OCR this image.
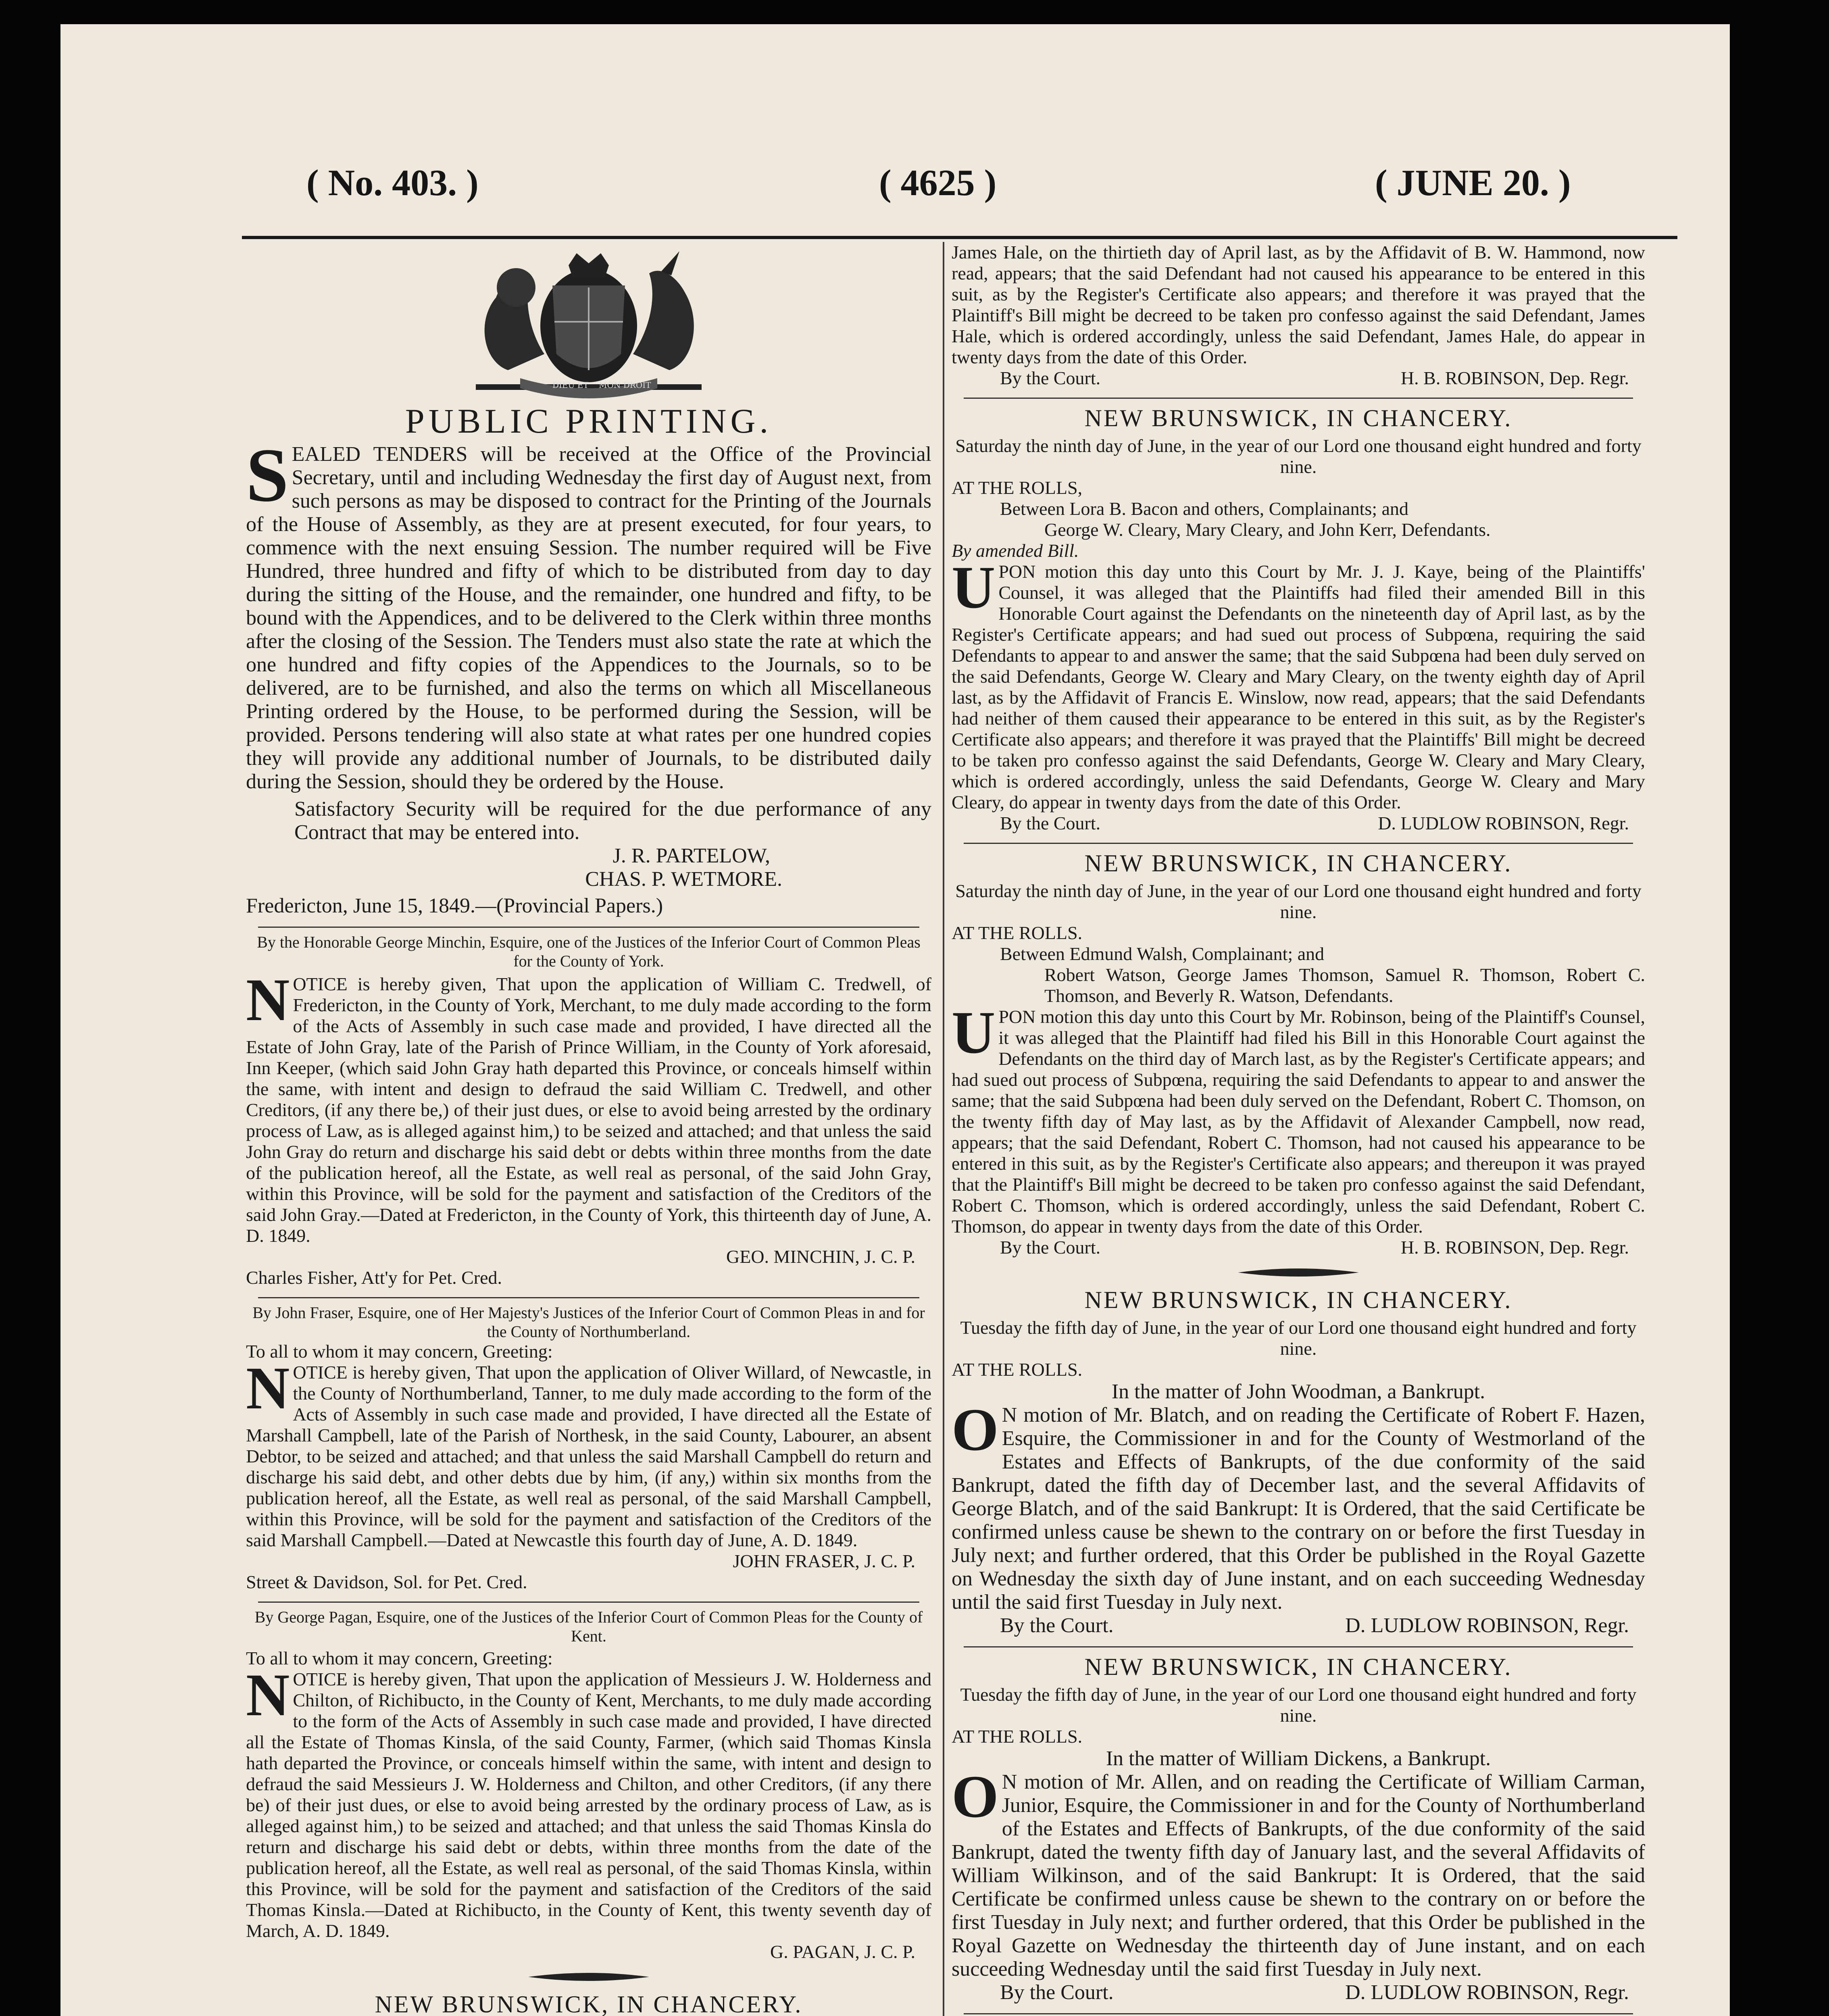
( No. 403. )	( 4625 )	( JUNE 20. )
DIEU ET MON DROIT
PUBLIC PRINTING.

SEALED TENDERS will be received at the Office of the Provincial Secretary, until and including Wednesday the first day of August next, from such persons as may be disposed to contract for the Printing of the Journals of the House of Assembly, as they are at present executed, for four years, to commence with the next ensuing Session. The number required will be Five Hundred, three hundred and fifty of which to be distributed from day to day during the sitting of the House, and the remainder, one hundred and fifty, to be bound with the Appendices, and to be delivered to the Clerk within three months after the closing of the Session. The Tenders must also state the rate at which the one hundred and fifty copies of the Appendices to the Journals, so to be delivered, are to be furnished, and also the terms on which all Miscellaneous Printing ordered by the House, to be performed during the Session, will be provided. Persons tendering will also state at what rates per one hundred copies they will provide any additional number of Journals, to be distributed daily during the Session, should they be ordered by the House.

Satisfactory Security will be required for the due performance of any Contract that may be entered into.

J. R. PARTELOW,

CHAS. P. WETMORE.

Fredericton, June 15, 1849.—(Provincial Papers.)

By the Honorable George Minchin, Esquire, one of the Justices of the Inferior Court of Common Pleas for the County of York.

NOTICE is hereby given, That upon the application of William C. Tredwell, of Fredericton, in the County of York, Merchant, to me duly made according to the form of the Acts of Assembly in such case made and provided, I have directed all the Estate of John Gray, late of the Parish of Prince William, in the County of York aforesaid, Inn Keeper, (which said John Gray hath departed this Province, or conceals himself within the same, with intent and design to defraud the said William C. Tredwell, and other Creditors, (if any there be,) of their just dues, or else to avoid being arrested by the ordinary process of Law, as is alleged against him,) to be seized and attached; and that unless the said John Gray do return and discharge his said debt or debts within three months from the date of the publication hereof, all the Estate, as well real as personal, of the said John Gray, within this Province, will be sold for the payment and satisfaction of the Creditors of the said John Gray.—Dated at Fredericton, in the County of York, this thirteenth day of June, A. D. 1849.

GEO. MINCHIN, J. C. P.

Charles Fisher, Att'y for Pet. Cred.

By John Fraser, Esquire, one of Her Majesty's Justices of the Inferior Court of Common Pleas in and for the County of Northumberland.

To all to whom it may concern, Greeting:

NOTICE is hereby given, That upon the application of Oliver Willard, of Newcastle, in the County of Northumberland, Tanner, to me duly made according to the form of the Acts of Assembly in such case made and provided, I have directed all the Estate of Marshall Campbell, late of the Parish of Northesk, in the said County, Labourer, an absent Debtor, to be seized and attached; and that unless the said Marshall Campbell do return and discharge his said debt, and other debts due by him, (if any,) within six months from the publication hereof, all the Estate, as well real as personal, of the said Marshall Campbell, within this Province, will be sold for the payment and satisfaction of the Creditors of the said Marshall Campbell.—Dated at Newcastle this fourth day of June, A. D. 1849.

JOHN FRASER, J. C. P.

Street & Davidson, Sol. for Pet. Cred.

By George Pagan, Esquire, one of the Justices of the Inferior Court of Common Pleas for the County of Kent.

To all to whom it may concern, Greeting:

NOTICE is hereby given, That upon the application of Messieurs J. W. Holderness and Chilton, of Richibucto, in the County of Kent, Merchants, to me duly made according to the form of the Acts of Assembly in such case made and provided, I have directed all the Estate of Thomas Kinsla, of the said County, Farmer, (which said Thomas Kinsla hath departed the Province, or conceals himself within the same, with intent and design to defraud the said Messieurs J. W. Holderness and Chilton, and other Creditors, (if any there be) of their just dues, or else to avoid being arrested by the ordinary process of Law, as is alleged against him,) to be seized and attached; and that unless the said Thomas Kinsla do return and discharge his said debt or debts, within three months from the date of the publication hereof, all the Estate, as well real as personal, of the said Thomas Kinsla, within this Province, will be sold for the payment and satisfaction of the Creditors of the said Thomas Kinsla.—Dated at Richibucto, in the County of Kent, this twenty seventh day of March, A. D. 1849.

G. PAGAN, J. C. P.

NEW BRUNSWICK, IN CHANCERY.

James Hale, on the thirtieth day of April last, as by the Affidavit of B. W. Hammond, now read, appears; that the said Defendant had not caused his appearance to be entered in this suit, as by the Register's Certificate also appears; and therefore it was prayed that the Plaintiff's Bill might be decreed to be taken pro confesso against the said Defendant, James Hale, which is ordered accordingly, unless the said Defendant, James Hale, do appear in twenty days from the date of this Order.

By the Court.	H. B. ROBINSON, Dep. Regr.

NEW BRUNSWICK, IN CHANCERY.

Saturday the ninth day of June, in the year of our Lord one thousand eight hundred and forty nine.

AT THE ROLLS,

Between Lora B. Bacon and others, Complainants; and

George W. Cleary, Mary Cleary, and John Kerr, Defendants.

By amended Bill.

UPON motion this day unto this Court by Mr. J. J. Kaye, being of the Plaintiffs' Counsel, it was alleged that the Plaintiffs had filed their amended Bill in this Honorable Court against the Defendants on the nineteenth day of April last, as by the Register's Certificate appears; and had sued out process of Subpœna, requiring the said Defendants to appear to and answer the same; that the said Subpœna had been duly served on the said Defendants, George W. Cleary and Mary Cleary, on the twenty eighth day of April last, as by the Affidavit of Francis E. Winslow, now read, appears; that the said Defendants had neither of them caused their appearance to be entered in this suit, as by the Register's Certificate also appears; and therefore it was prayed that the Plaintiffs' Bill might be decreed to be taken pro confesso against the said Defendants, George W. Cleary and Mary Cleary, which is ordered accordingly, unless the said Defendants, George W. Cleary and Mary Cleary, do appear in twenty days from the date of this Order.

By the Court.	D. LUDLOW ROBINSON, Regr.

NEW BRUNSWICK, IN CHANCERY.

Saturday the ninth day of June, in the year of our Lord one thousand eight hundred and forty nine.

AT THE ROLLS.

Between Edmund Walsh, Complainant; and

Robert Watson, George James Thomson, Samuel R. Thomson, Robert C. Thomson, and Beverly R. Watson, Defendants.

UPON motion this day unto this Court by Mr. Robinson, being of the Plaintiff's Counsel, it was alleged that the Plaintiff had filed his Bill in this Honorable Court against the Defendants on the third day of March last, as by the Register's Certificate appears; and had sued out process of Subpœna, requiring the said Defendants to appear to and answer the same; that the said Subpœna had been duly served on the Defendant, Robert C. Thomson, on the twenty fifth day of May last, as by the Affidavit of Alexander Campbell, now read, appears; that the said Defendant, Robert C. Thomson, had not caused his appearance to be entered in this suit, as by the Register's Certificate also appears; and thereupon it was prayed that the Plaintiff's Bill might be decreed to be taken pro confesso against the said Defendant, Robert C. Thomson, which is ordered accordingly, unless the said Defendant, Robert C. Thomson, do appear in twenty days from the date of this Order.

By the Court.	H. B. ROBINSON, Dep. Regr.

NEW BRUNSWICK, IN CHANCERY.

Tuesday the fifth day of June, in the year of our Lord one thousand eight hundred and forty nine.

AT THE ROLLS.

In the matter of John Woodman, a Bankrupt.

O N motion of Mr. Blatch, and on reading the Certificate of Robert F. Hazen, Esquire, the Commissioner in and for the County of Westmorland of the Estates and Effects of Bankrupts, of the due conformity of the said Bankrupt, dated the fifth day of December last, and the several Affidavits of George Blatch, and of the said Bankrupt: It is Ordered, that the said Certificate be confirmed unless cause be shewn to the contrary on or before the first Tuesday in July next; and further ordered, that this Order be published in the Royal Gazette on Wednesday the sixth day of June instant, and on each succeeding Wednesday until the said first Tuesday in July next.

By the Court.	D. LUDLOW ROBINSON, Regr.

NEW BRUNSWICK, IN CHANCERY.

Tuesday the fifth day of June, in the year of our Lord one thousand eight hundred and forty nine.

AT THE ROLLS.

In the matter of William Dickens, a Bankrupt.

O N motion of Mr. Allen, and on reading the Certificate of William Carman, Junior, Esquire, the Commissioner in and for the County of Northumberland of the Estates and Effects of Bankrupts, of the due conformity of the said Bankrupt, dated the twenty fifth day of January last, and the several Affidavits of William Wilkinson, and of the said Bankrupt: It is Ordered, that the said Certificate be confirmed unless cause be shewn to the contrary on or before the first Tuesday in July next; and further ordered, that this Order be published in the Royal Gazette on Wednesday the thirteenth day of June instant, and on each succeeding Wednesday until the said first Tuesday in July next.

By the Court.	D. LUDLOW ROBINSON, Regr.
